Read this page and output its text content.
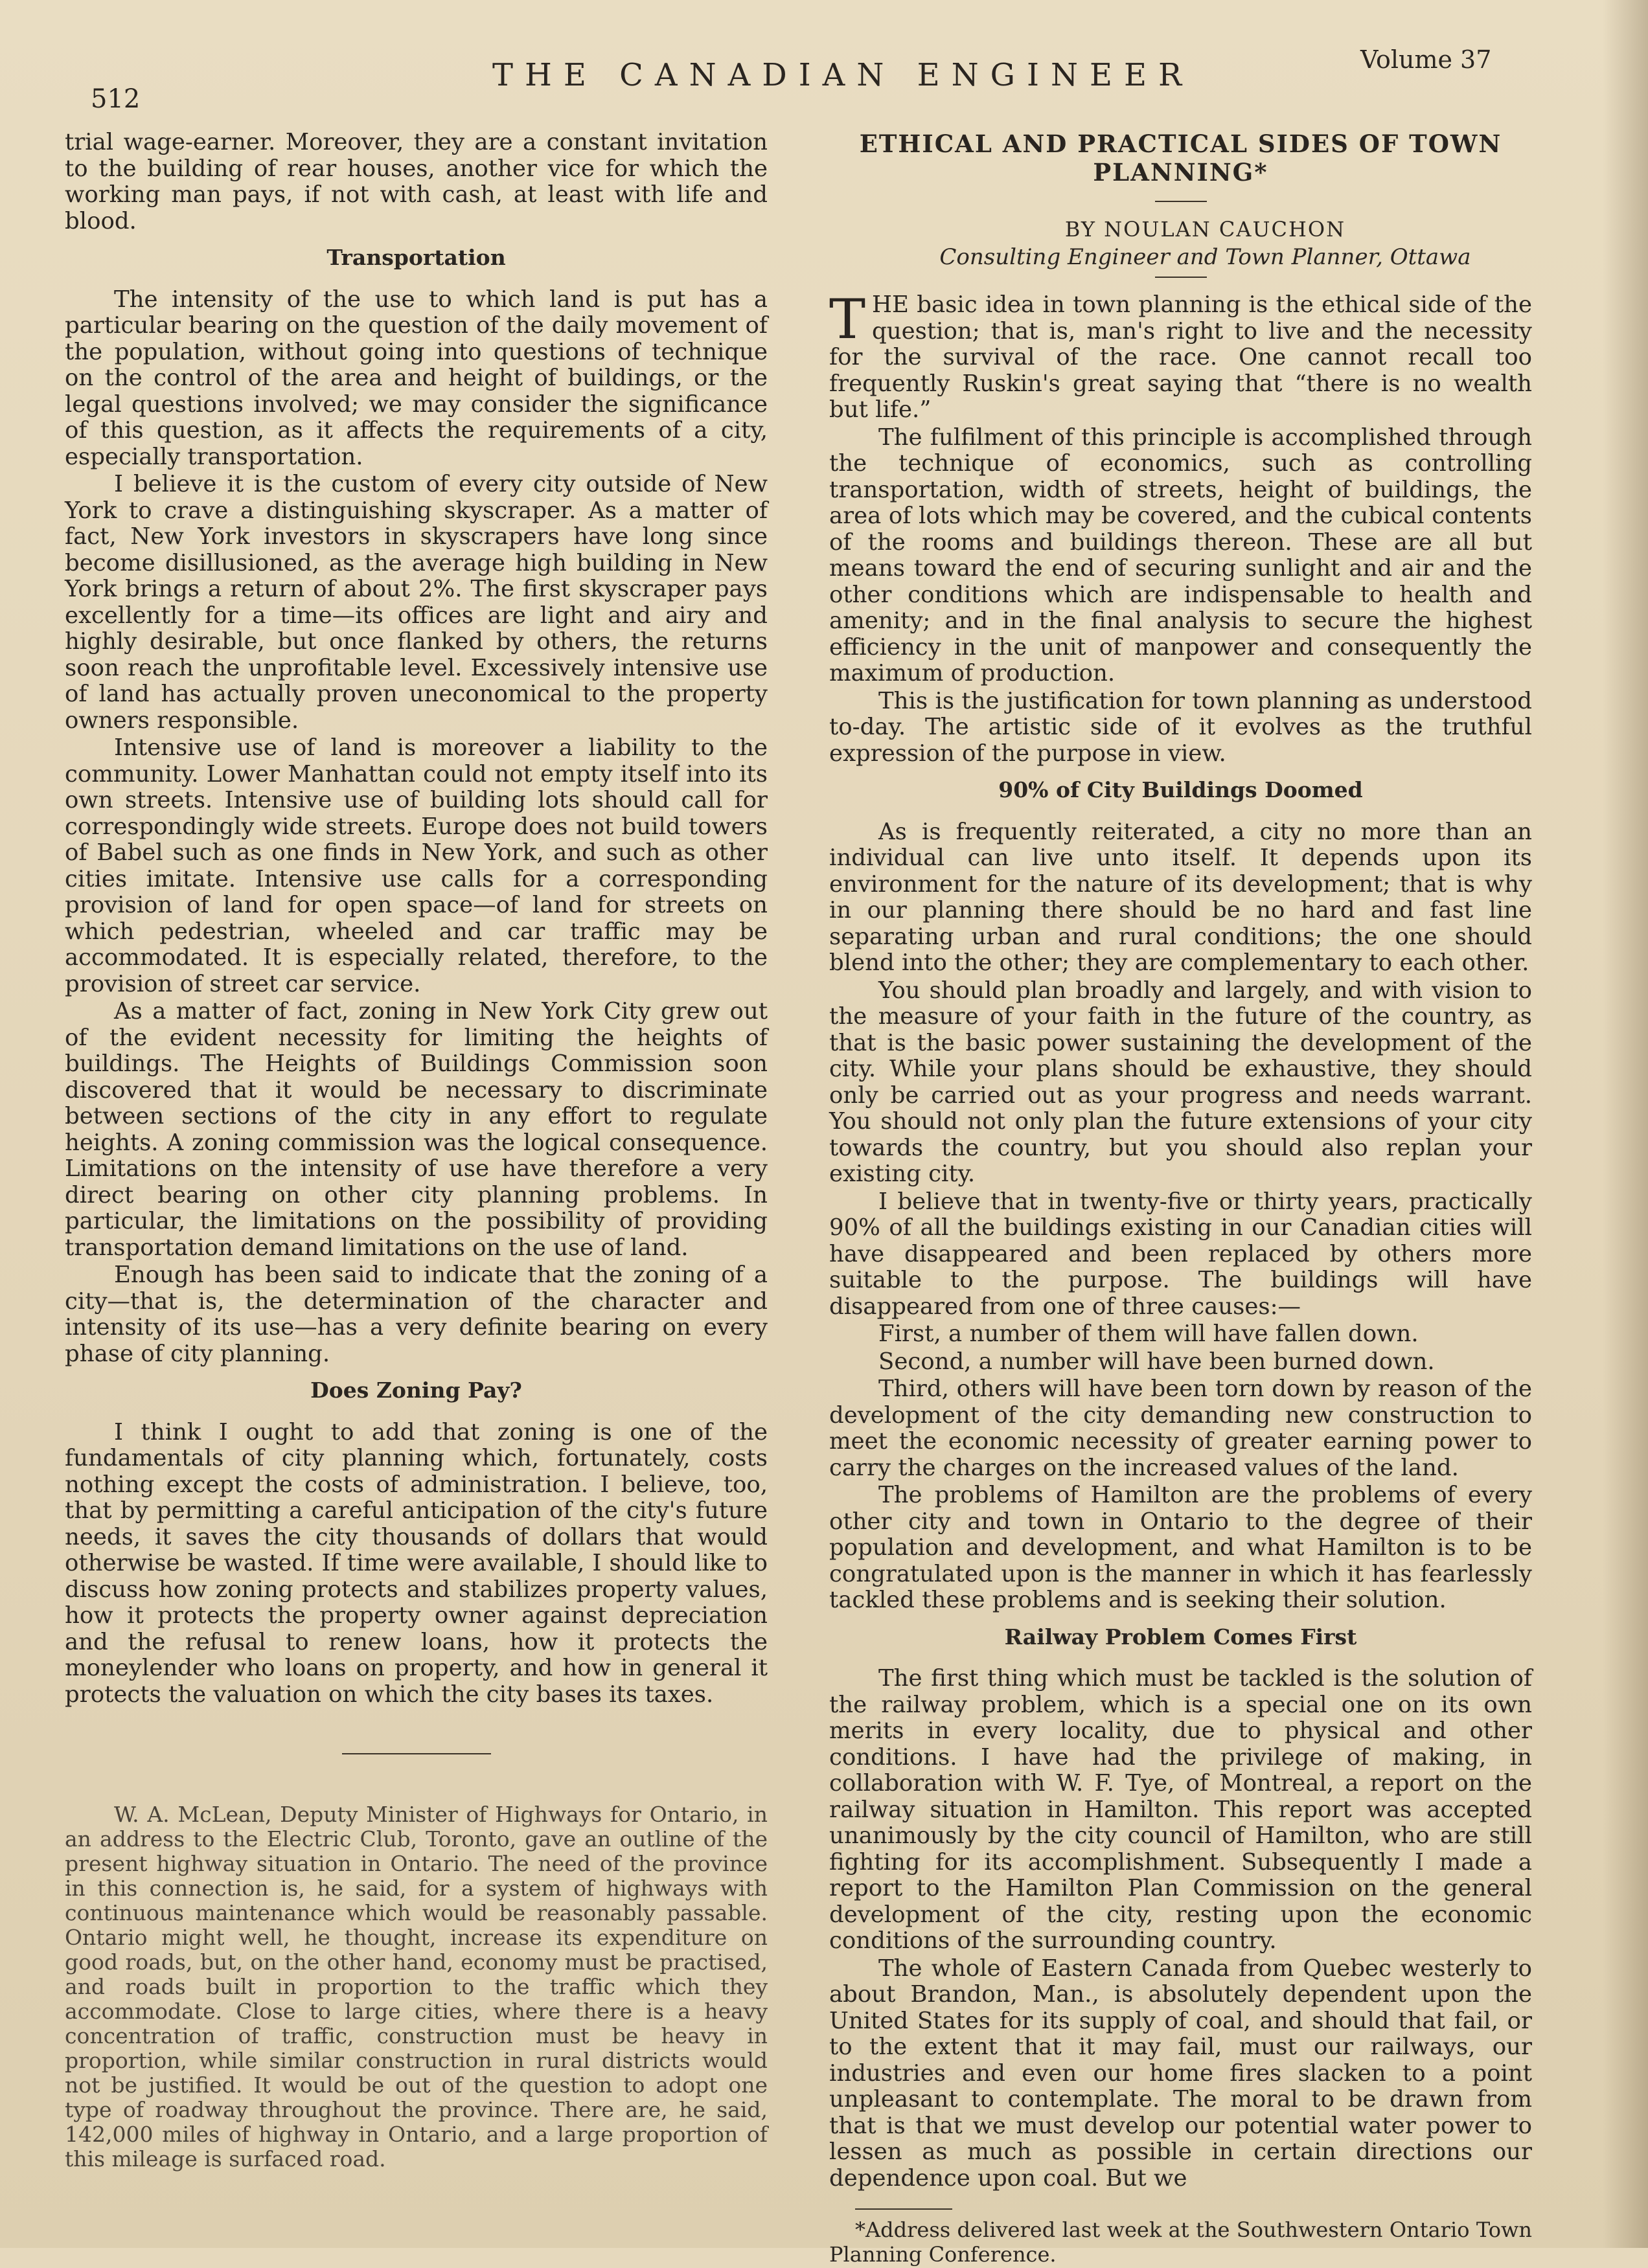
512
THE CANADIAN ENGINEER	Volume 37

trial wage-earner. Moreover, they are a constant invitation to the building of rear houses, another vice for which the working man pays, if not with cash, at least with life and blood.

Transportation

The intensity of the use to which land is put has a particular bearing on the question of the daily movement of the population, without going into questions of technique on the control of the area and height of buildings, or the legal questions involved; we may consider the significance of this question, as it affects the requirements of a city, especially transportation.

I believe it is the custom of every city outside of New York to crave a distinguishing skyscraper. As a matter of fact, New York investors in skyscrapers have long since become disillusioned, as the average high building in New York brings a return of about 2%. The first skyscraper pays excellently for a time—its offices are light and airy and highly desirable, but once flanked by others, the returns soon reach the unprofitable level. Excessively intensive use of land has actually proven uneconomical to the property owners responsible.

Intensive use of land is moreover a liability to the community. Lower Manhattan could not empty itself into its own streets. Intensive use of building lots should call for correspondingly wide streets. Europe does not build towers of Babel such as one finds in New York, and such as other cities imitate. Intensive use calls for a corresponding provision of land for open space—of land for streets on which pedestrian, wheeled and car traffic may be accommodated. It is especially related, therefore, to the provision of street car service.

As a matter of fact, zoning in New York City grew out of the evident necessity for limiting the heights of buildings. The Heights of Buildings Commission soon discovered that it would be necessary to discriminate between sections of the city in any effort to regulate heights. A zoning commission was the logical consequence. Limitations on the intensity of use have therefore a very direct bearing on other city planning problems. In particular, the limitations on the possibility of providing transportation demand limitations on the use of land.

Enough has been said to indicate that the zoning of a city—that is, the determination of the character and intensity of its use—has a very definite bearing on every phase of city planning.

Does Zoning Pay?

I think I ought to add that zoning is one of the fundamentals of city planning which, fortunately, costs nothing except the costs of administration. I believe, too, that by permitting a careful anticipation of the city's future needs, it saves the city thousands of dollars that would otherwise be wasted. If time were available, I should like to discuss how zoning protects and stabilizes property values, how it protects the property owner against depreciation and the refusal to renew loans, how it protects the moneylender who loans on property, and how in general it protects the valuation on which the city bases its taxes.

W. A. McLean, Deputy Minister of Highways for Ontario, in an address to the Electric Club, Toronto, gave an outline of the present highway situation in Ontario. The need of the province in this connection is, he said, for a system of highways with continuous maintenance which would be reasonably passable. Ontario might well, he thought, increase its expenditure on good roads, but, on the other hand, economy must be practised, and roads built in proportion to the traffic which they accommodate. Close to large cities, where there is a heavy concentration of traffic, construction must be heavy in proportion, while similar construction in rural districts would not be justified. It would be out of the question to adopt one type of roadway throughout the province. There are, he said, 142,000 miles of highway in Ontario, and a large proportion of this mileage is surfaced road.

ETHICAL AND PRACTICAL SIDES OF TOWN PLANNING*

BY NOULAN CAUCHON

Consulting Engineer and Town Planner, Ottawa

THE basic idea in town planning is the ethical side of the question; that is, man's right to live and the necessity for the survival of the race. One cannot recall too frequently Ruskin's great saying that “there is no wealth but life.”

The fulfilment of this principle is accomplished through the technique of economics, such as controlling transportation, width of streets, height of buildings, the area of lots which may be covered, and the cubical contents of the rooms and buildings thereon. These are all but means toward the end of securing sunlight and air and the other conditions which are indispensable to health and amenity; and in the final analysis to secure the highest efficiency in the unit of manpower and consequently the maximum of production.

This is the justification for town planning as understood to-day. The artistic side of it evolves as the truthful expression of the purpose in view.

90% of City Buildings Doomed

As is frequently reiterated, a city no more than an individual can live unto itself. It depends upon its environment for the nature of its development; that is why in our planning there should be no hard and fast line separating urban and rural conditions; the one should blend into the other; they are complementary to each other.

You should plan broadly and largely, and with vision to the measure of your faith in the future of the country, as that is the basic power sustaining the development of the city. While your plans should be exhaustive, they should only be carried out as your progress and needs warrant. You should not only plan the future extensions of your city towards the country, but you should also replan your existing city.

I believe that in twenty-five or thirty years, practically 90% of all the buildings existing in our Canadian cities will have disappeared and been replaced by others more suitable to the purpose. The buildings will have disappeared from one of three causes:—

First, a number of them will have fallen down.

Second, a number will have been burned down.

Third, others will have been torn down by reason of the development of the city demanding new construction to meet the economic necessity of greater earning power to carry the charges on the increased values of the land.

The problems of Hamilton are the problems of every other city and town in Ontario to the degree of their population and development, and what Hamilton is to be congratulated upon is the manner in which it has fearlessly tackled these problems and is seeking their solution.

Railway Problem Comes First

The first thing which must be tackled is the solution of the railway problem, which is a special one on its own merits in every locality, due to physical and other conditions. I have had the privilege of making, in collaboration with W. F. Tye, of Montreal, a report on the railway situation in Hamilton. This report was accepted unanimously by the city council of Hamilton, who are still fighting for its accomplishment. Subsequently I made a report to the Hamilton Plan Commission on the general development of the city, resting upon the economic conditions of the surrounding country.

The whole of Eastern Canada from Quebec westerly to about Brandon, Man., is absolutely dependent upon the United States for its supply of coal, and should that fail, or to the extent that it may fail, must our railways, our industries and even our home fires slacken to a point unpleasant to contemplate. The moral to be drawn from that is that we must develop our potential water power to lessen as much as possible in certain directions our dependence upon coal. But we

*Address delivered last week at the Southwestern Ontario Town Planning Conference.
